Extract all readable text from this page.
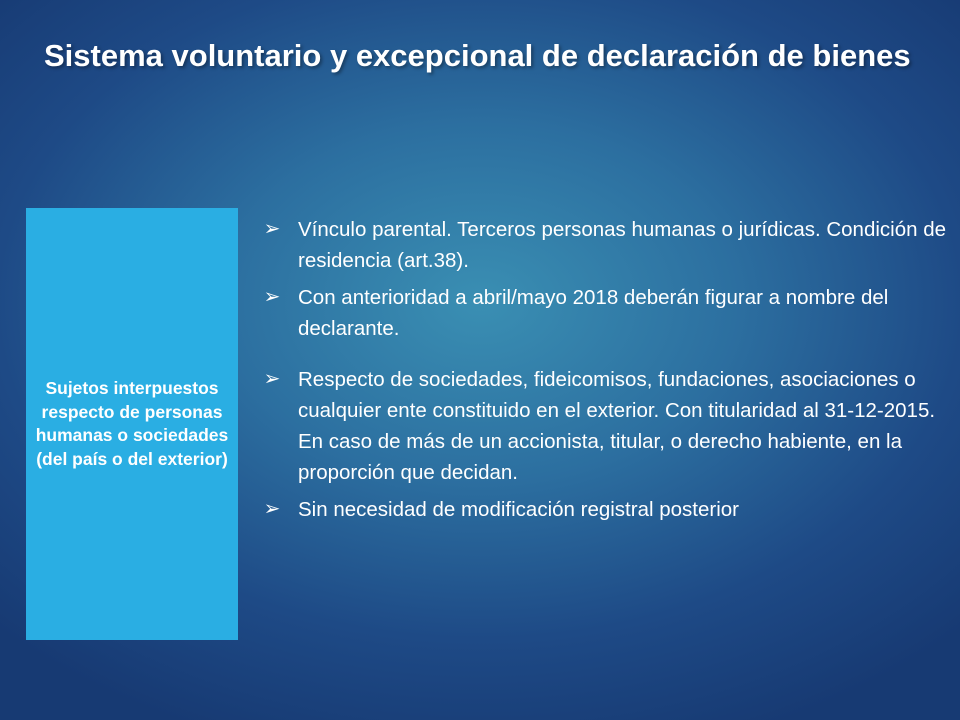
Sistema voluntario y excepcional de declaración de bienes
Sujetos interpuestos respecto de personas humanas o sociedades (del país o del exterior)
➢ Vínculo parental. Terceros personas humanas o jurídicas. Condición de residencia (art.38).
➢ Con anterioridad a abril/mayo 2018 deberán figurar a nombre del declarante.
➢ Respecto de sociedades, fideicomisos, fundaciones, asociaciones o cualquier ente constituido en el exterior. Con titularidad al 31-12-2015. En caso de más de un accionista, titular, o derecho habiente, en la proporción que decidan.
➢ Sin necesidad de modificación registral posterior
